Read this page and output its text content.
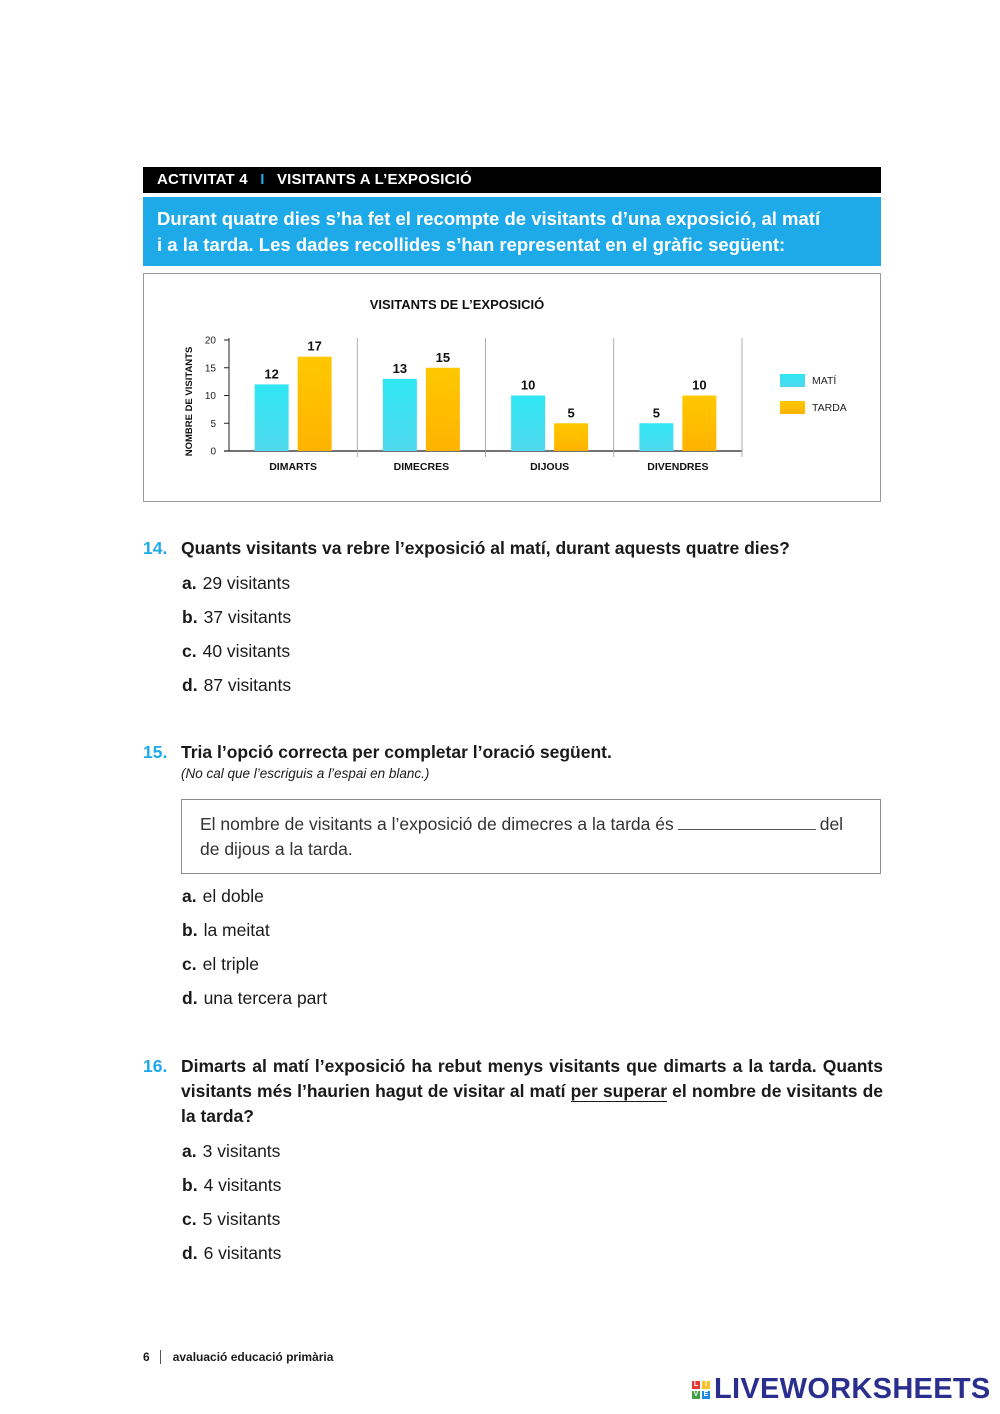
ACTIVITAT 4 I VISITANTS A L’EXPOSICIÓ
Durant quatre dies s’ha fet el recompte de visitants d’una exposició, al matí
i a la tarda. Les dades recollides s’han representat en el gràfic següent:
VISITANTS DE L’EXPOSICIÓ
NOMBRE DE VISITANTS 0
5
10
15
20
DIMARTS
12
17
DIMECRES
13
15
DIJOUS
10
5
DIVENDRES
5
10	MATÍ
TARDA
14. Quants visitants va rebre l’exposició al matí, durant aquests quatre dies?
a. 29 visitants
b. 37 visitants
c. 40 visitants
d. 87 visitants
15. Tria l’opció correcta per completar l’oració següent.
(No cal que l’escriguis a l’espai en blanc.)
El nombre de visitants a l’exposició de dimecres a la tarda és	del de dijous a la tarda.
a. el doble
b. la meitat
c. el triple
d. una tercera part
16. Dimarts al matí l’exposició ha rebut menys visitants que dimarts a la tarda. Quants visitants més l’haurien hagut de visitar al matí per superar el nombre de visitants de la tarda?
a. 3 visitants
b. 4 visitants
c. 5 visitants
d. 6 visitants
6 avaluació educació primària
L I
V E LIVEWORKSHEETS
